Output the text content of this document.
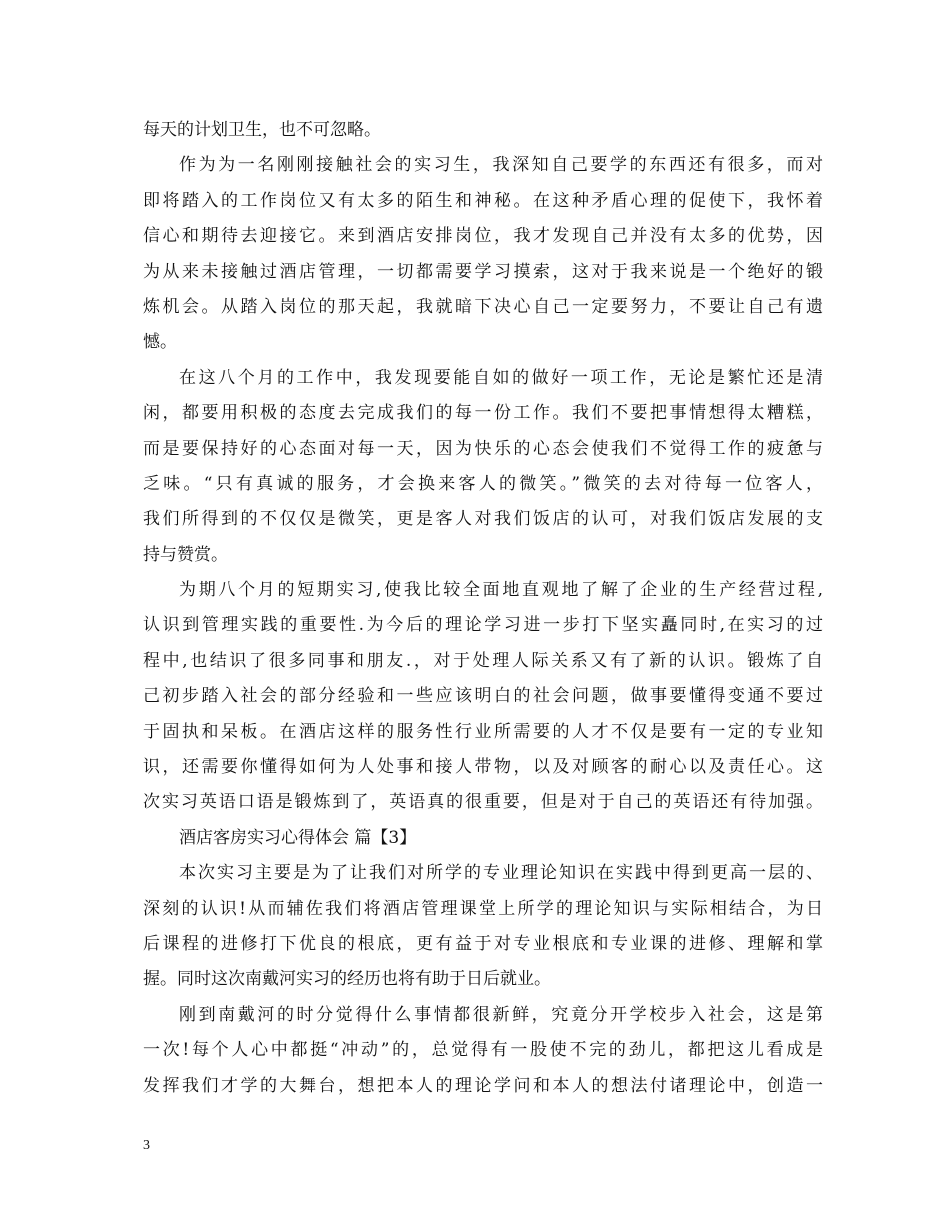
每天的计划卫生，也不可忽略。
作为为一名刚刚接触社会的实习生，我深知自己要学的东西还有很多，而对
即将踏入的工作岗位又有太多的陌生和神秘。在这种矛盾心理的促使下，我怀着
信心和期待去迎接它。来到酒店安排岗位，我才发现自己并没有太多的优势，因
为从来未接触过酒店管理，一切都需要学习摸索，这对于我来说是一个绝好的锻
炼机会。从踏入岗位的那天起，我就暗下决心自己一定要努力，不要让自己有遗
憾。
在这八个月的工作中，我发现要能自如的做好一项工作，无论是繁忙还是清
闲，都要用积极的态度去完成我们的每一份工作。我们不要把事情想得太糟糕，
而是要保持好的心态面对每一天，因为快乐的心态会使我们不觉得工作的疲惫与
乏味。“只有真诚的服务，才会换来客人的微笑。”微笑的去对待每一位客人，
我们所得到的不仅仅是微笑，更是客人对我们饭店的认可，对我们饭店发展的支
持与赞赏。
为期八个月的短期实习,使我比较全面地直观地了解了企业的生产经营过程,
认识到管理实践的重要性.为今后的理论学习进一步打下坚实矗同时,在实习的过
程中,也结识了很多同事和朋友.，对于处理人际关系又有了新的认识。锻炼了自
己初步踏入社会的部分经验和一些应该明白的社会问题，做事要懂得变通不要过
于固执和呆板。在酒店这样的服务性行业所需要的人才不仅是要有一定的专业知
识，还需要你懂得如何为人处事和接人带物，以及对顾客的耐心以及责任心。这
次实习英语口语是锻炼到了，英语真的很重要，但是对于自己的英语还有待加强。
酒店客房实习心得体会 篇【3】
本次实习主要是为了让我们对所学的专业理论知识在实践中得到更高一层的、
深刻的认识!从而辅佐我们将酒店管理课堂上所学的理论知识与实际相结合，为日
后课程的进修打下优良的根底，更有益于对专业根底和专业课的进修、理解和掌
握。同时这次南戴河实习的经历也将有助于日后就业。
刚到南戴河的时分觉得什么事情都很新鲜，究竟分开学校步入社会，这是第
一次!每个人心中都挺“冲动”的，总觉得有一股使不完的劲儿，都把这儿看成是
发挥我们才学的大舞台，想把本人的理论学问和本人的想法付诸理论中，创造一
3
